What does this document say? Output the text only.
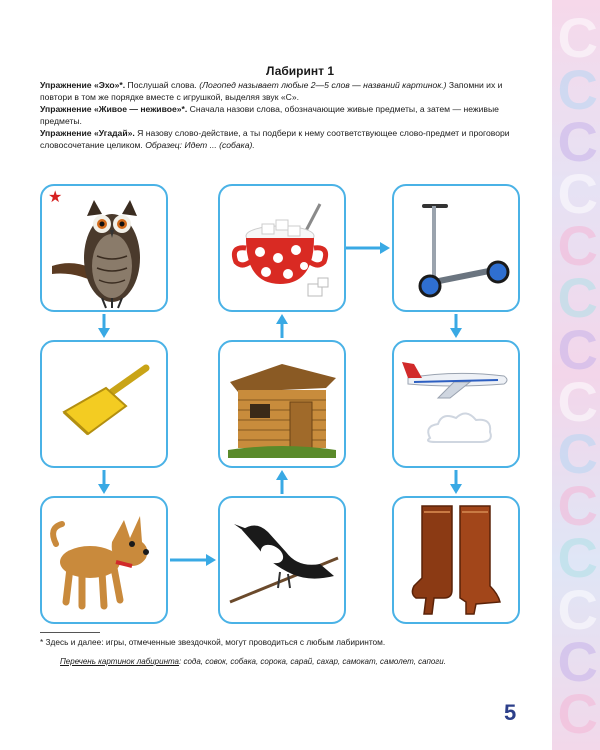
С
С
С
С
С
С
С
С
С
С
С
С
С
С
Лабиринт 1

Упражнение «Эхо»*. Послушай слова. (Логопед называет любые 2—5 слов — названий картинок.) Запомни их и повтори в том же порядке вместе с игрушкой, выделяя звук «С».

Упражнение «Живое — неживое»*. Сначала назови слова, обозначающие живые предметы, а затем — неживые предметы.

Упражнение «Угадай». Я назову слово-действие, а ты подбери к нему соответствующее слово-предмет и проговори словосочетание целиком. Образец: Идет ... (собака).

★
* Здесь и далее: игры, отмеченные звездочкой, могут проводиться с любым лабиринтом.
Перечень картинок лабиринта: сода, совок, собака, сорока, сарай, сахар, самокат, самолет, сапоги.
5
